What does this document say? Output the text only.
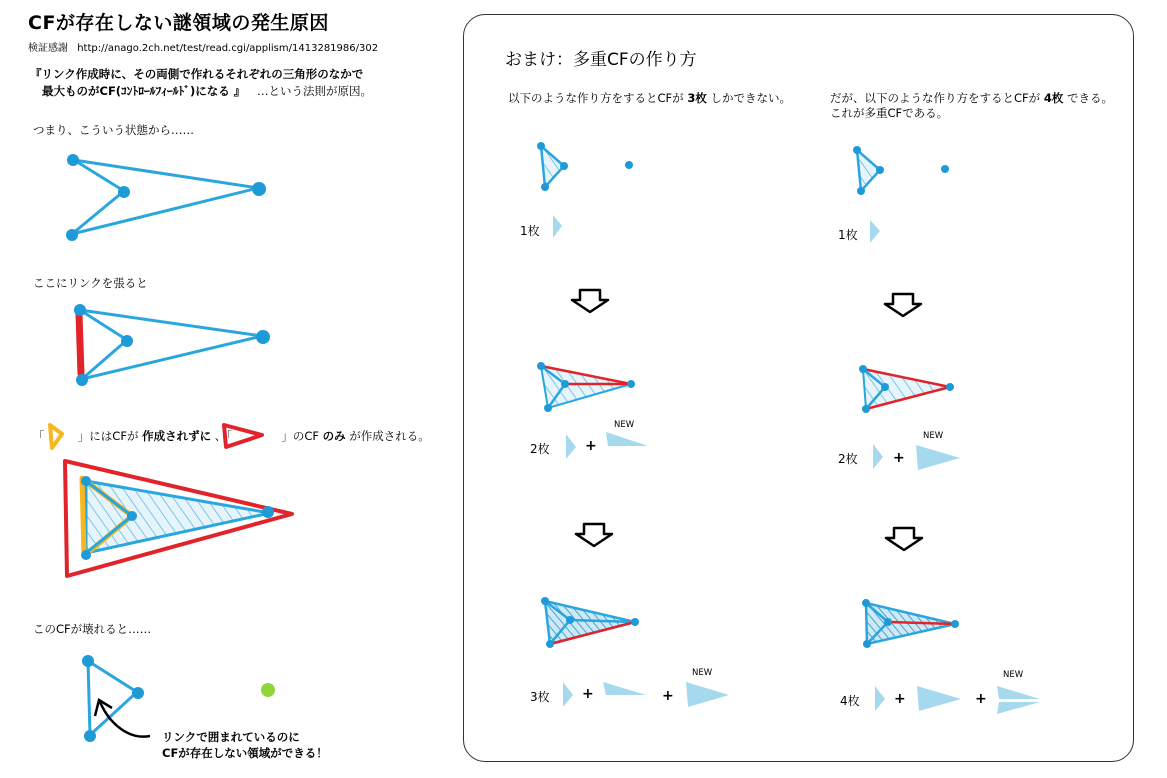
CFが存在しない謎領域の発生原因
検証感謝 http://anago.2ch.net/test/read.cgi/applism/1413281986/302
『リンク作成時に、その両側で作れるそれぞれの三角形のなかで
最大ものがCF(ｺﾝﾄﾛｰﾙﾌｨｰﾙﾄﾞ)になる 』 …という法則が原因。
つまり、こういう状態から……
ここにリンクを張ると
「	」にはCFが 作成されずに 、「	」のCF のみ が作成される。
このCFが壊れると……
リンクで囲まれているのに
CFが存在しない領域ができる！
おまけ：多重CFの作り方
以下のような作り方をするとCFが 3枚 しかできない。	だが、以下のような作り方をするとCFが 4枚 できる。
これが多重CFである。
1枚
2枚
3枚
1枚
2枚
4枚
+
+	+
+
+	+
NEW
NEW
NEW
NEW
